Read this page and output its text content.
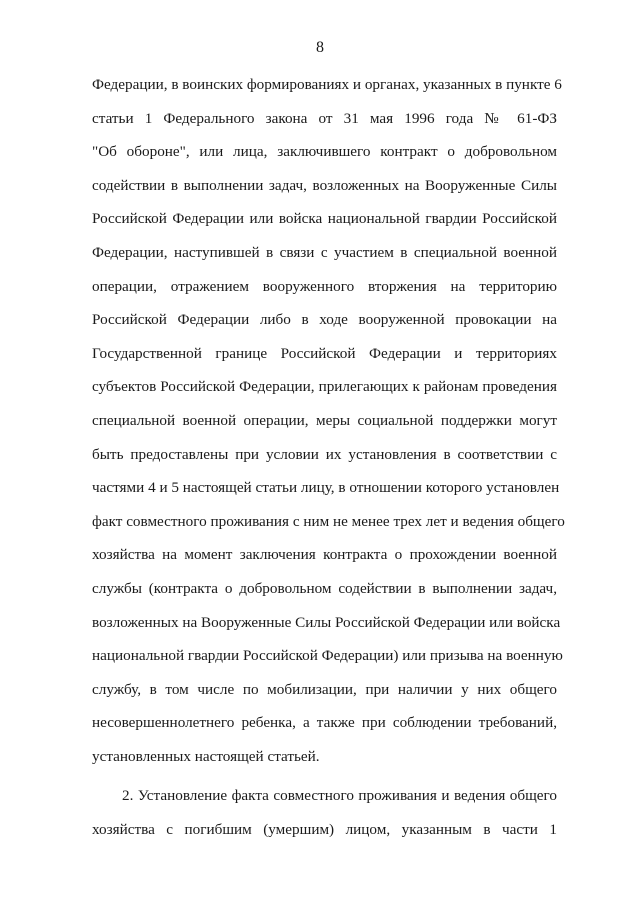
8
Федерации, в воинских формированиях и органах, указанных в пункте 6
статьи 1 Федерального закона от 31 мая 1996 года № 61-ФЗ
"Об обороне", или лица, заключившего контракт о добровольном
содействии в выполнении задач, возложенных на Вооруженные Силы
Российской Федерации или войска национальной гвардии Российской
Федерации, наступившей в связи с участием в специальной военной
операции, отражением вооруженного вторжения на территорию
Российской Федерации либо в ходе вооруженной провокации на
Государственной границе Российской Федерации и территориях
субъектов Российской Федерации, прилегающих к районам проведения
специальной военной операции, меры социальной поддержки могут
быть предоставлены при условии их установления в соответствии с
частями 4 и 5 настоящей статьи лицу, в отношении которого установлен
факт совместного проживания с ним не менее трех лет и ведения общего
хозяйства на момент заключения контракта о прохождении военной
службы (контракта о добровольном содействии в выполнении задач,
возложенных на Вооруженные Силы Российской Федерации или войска
национальной гвардии Российской Федерации) или призыва на военную
службу, в том числе по мобилизации, при наличии у них общего
несовершеннолетнего ребенка, а также при соблюдении требований,
установленных настоящей статьей.
2. Установление факта совместного проживания и ведения общего
хозяйства с погибшим (умершим) лицом, указанным в части 1
